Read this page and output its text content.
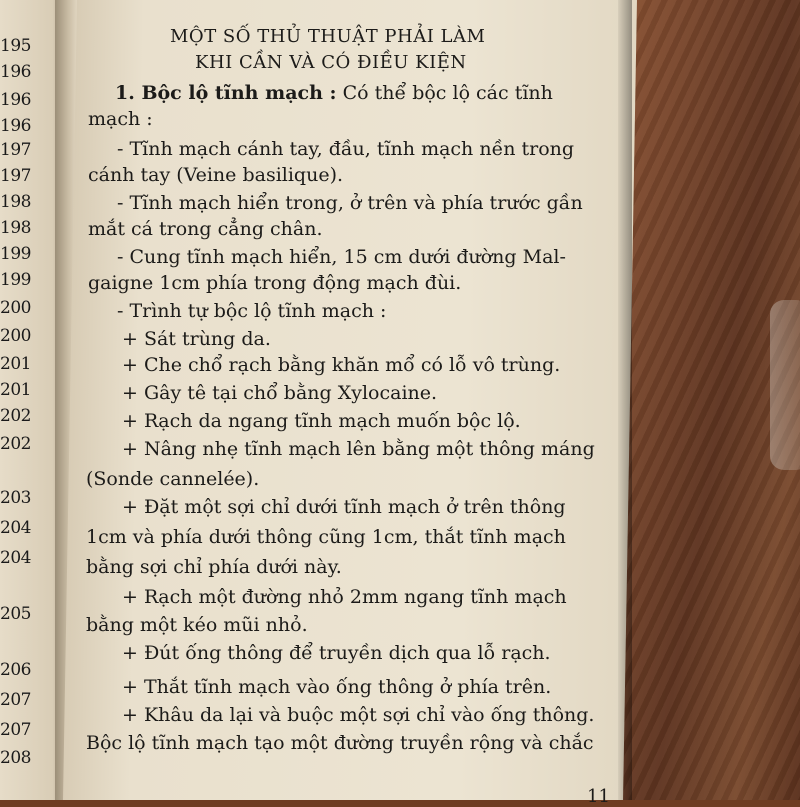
195
196
196
196
197
197
198
198
199
199
200
200
201
201
202
202
203
204
204
205
206
207
207
208
MỘT SỐ THỦ THUẬT PHẢI LÀM
KHI CẦN VÀ CÓ ĐIỀU KIỆN
1. Bộc lộ tĩnh mạch : Có thể bộc lộ các tĩnh
mạch :
- Tĩnh mạch cánh tay, đầu, tĩnh mạch nền trong
cánh tay (Veine basilique).
- Tĩnh mạch hiển trong, ở trên và phía trước gần
mắt cá trong cẳng chân.
- Cung tĩnh mạch hiển, 15 cm dưới đường Mal-
gaigne 1cm phía trong động mạch đùi.
- Trình tự bộc lộ tĩnh mạch :
+ Sát trùng da.
+ Che chổ rạch bằng khăn mổ có lỗ vô trùng.
+ Gây tê tại chổ bằng Xylocaine.
+ Rạch da ngang tĩnh mạch muốn bộc lộ.
+ Nâng nhẹ tĩnh mạch lên bằng một thông máng
(Sonde cannelée).
+ Đặt một sợi chỉ dưới tĩnh mạch ở trên thông
1cm và phía dưới thông cũng 1cm, thắt tĩnh mạch
bằng sợi chỉ phía dưới này.
+ Rạch một đường nhỏ 2mm ngang tĩnh mạch
bằng một kéo mũi nhỏ.
+ Đút ống thông để truyền dịch qua lỗ rạch.
+ Thắt tĩnh mạch vào ống thông ở phía trên.
+ Khâu da lại và buộc một sợi chỉ vào ống thông.
Bộc lộ tĩnh mạch tạo một đường truyền rộng và chắc
11
